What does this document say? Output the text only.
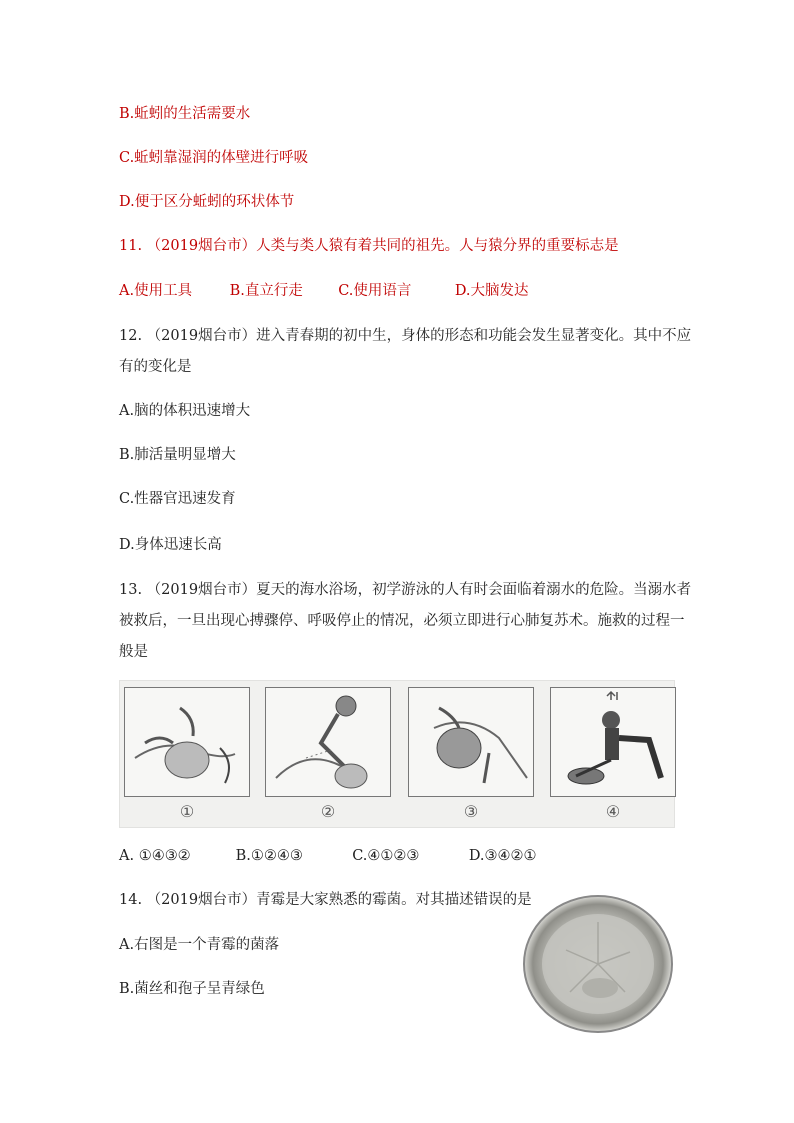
B.蚯蚓的生活需要水
C.蚯蚓靠湿润的体壁进行呼吸
D.便于区分蚯蚓的环状体节
11. （2019烟台市）人类与类人猿有着共同的祖先。人与猿分界的重要标志是
A.使用工具	B.直立行走 C.使用语言	D.大脑发达
12. （2019烟台市）进入青春期的初中生，身体的形态和功能会发生显著变化。其中不应
有的变化是
A.脑的体积迅速增大
B.肺活量明显增大
C.性器官迅速发育
D.身体迅速长高
13. （2019烟台市）夏天的海水浴场，初学游泳的人有时会面临着溺水的危险。当溺水者
被救后，一旦出现心搏骤停、呼吸停止的情况，必须立即进行心肺复苏术。施救的过程一
般是
①	②	③	④
A. ①④③②	B.①②④③	C.④①②③	D.③④②①
14. （2019烟台市）青霉是大家熟悉的霉菌。对其描述错误的是
A.右图是一个青霉的菌落
B.菌丝和孢子呈青绿色
